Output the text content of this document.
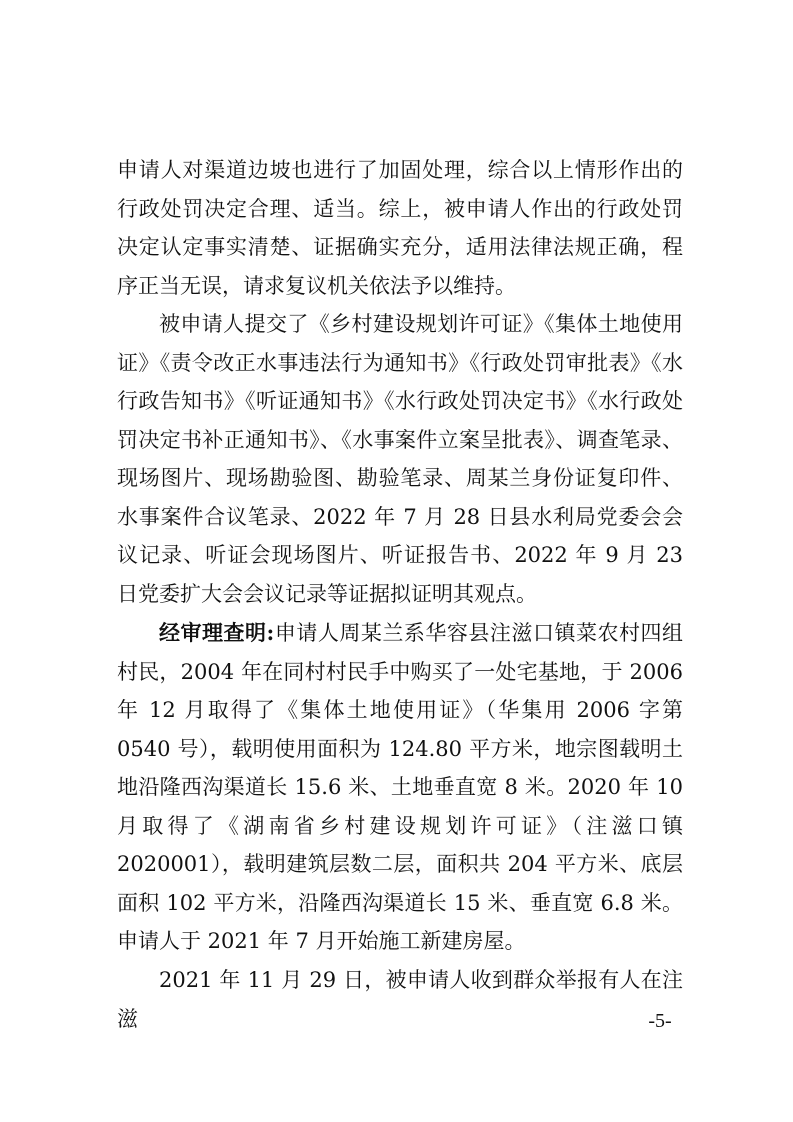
申请人对渠道边坡也进行了加固处理，综合以上情形作出的行政处罚决定合理、适当。综上，被申请人作出的行政处罚决定认定事实清楚、证据确实充分，适用法律法规正确，程序正当无误，请求复议机关依法予以维持。

被申请人提交了《乡村建设规划许可证》《集体土地使用证》《责令改正水事违法行为通知书》《行政处罚审批表》《水行政告知书》《听证通知书》《水行政处罚决定书》《水行政处罚决定书补正通知书》、《水事案件立案呈批表》、调查笔录、现场图片、现场勘验图、勘验笔录、周某兰身份证复印件、水事案件合议笔录、2022 年 7 月 28 日县水利局党委会会议记录、听证会现场图片、听证报告书、2022 年 9 月 23 日党委扩大会会议记录等证据拟证明其观点。

经审理查明:申请人周某兰系华容县注滋口镇菜农村四组村民，2004 年在同村村民手中购买了一处宅基地，于 2006 年 12 月取得了《集体土地使用证》（华集用 2006 字第 0540 号），载明使用面积为 124.80 平方米，地宗图载明土地沿隆西沟渠道长 15.6 米、土地垂直宽 8 米。2020 年 10 月取得了《湖南省乡村建设规划许可证》（注滋口镇 2020001），载明建筑层数二层，面积共 204 平方米、底层面积 102 平方米，沿隆西沟渠道长 15 米、垂直宽 6.8 米。申请人于 2021 年 7 月开始施工新建房屋。

2021 年 11 月 29 日，被申请人收到群众举报有人在注滋	-5-
